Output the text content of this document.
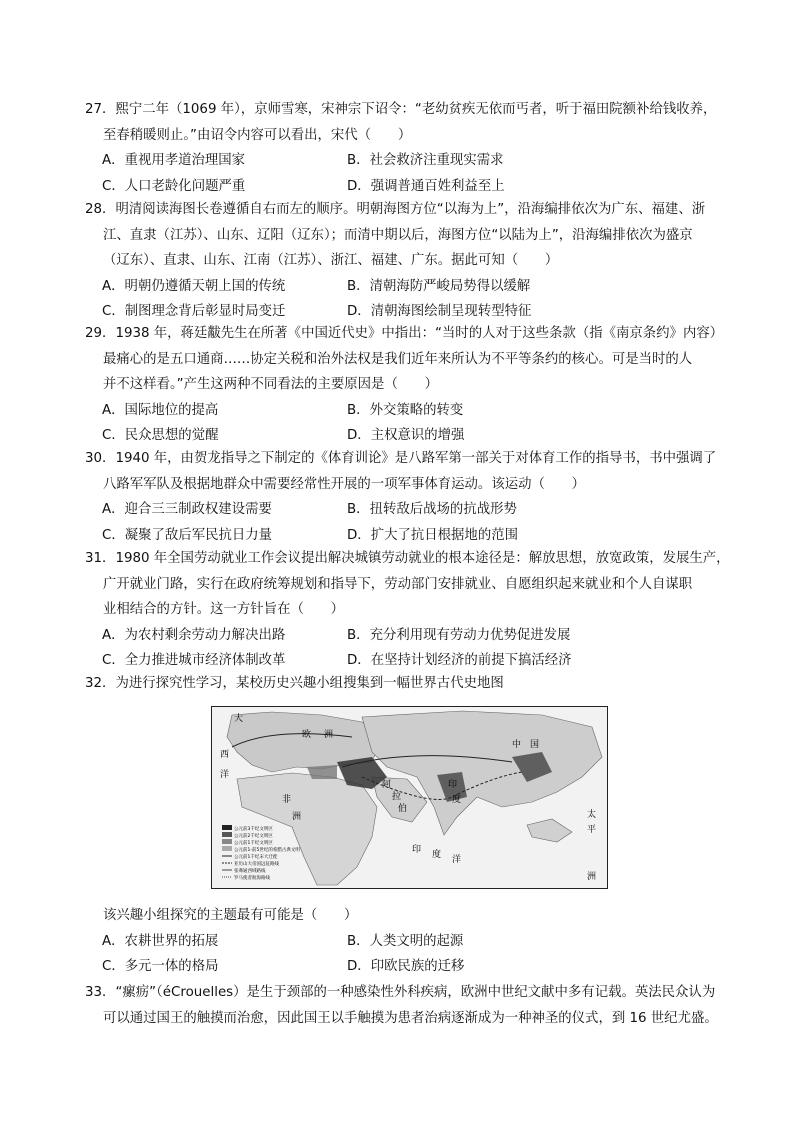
27．熙宁二年（1069 年），京师雪寒，宋神宗下诏令：“老幼贫疾无依而丐者，听于福田院额补给钱收养，
至春稍暖则止。”由诏令内容可以看出，宋代（　　）
A．重视用孝道治理国家	B．社会救济注重现实需求
C．人口老龄化问题严重	D．强调普通百姓利益至上
28．明清阅读海图长卷遵循自右而左的顺序。明朝海图方位“以海为上”，沿海编排依次为广东、福建、浙
江、直隶（江苏）、山东、辽阳（辽东）；而清中期以后，海图方位“以陆为上”，沿海编排依次为盛京
（辽东）、直隶、山东、江南（江苏）、浙江、福建、广东。据此可知（　　）
A．明朝仍遵循天朝上国的传统	B．清朝海防严峻局势得以缓解
C．制图理念背后彰显时局变迁	D．清朝海图绘制呈现转型特征
29．1938 年，蒋廷黻先生在所著《中国近代史》中指出：“当时的人对于这些条款（指《南京条约》内容）
最痛心的是五口通商……协定关税和治外法权是我们近年来所认为不平等条约的核心。可是当时的人
并不这样看。”产生这两种不同看法的主要原因是（　　）
A．国际地位的提高	B．外交策略的转变
C．民众思想的觉醒	D．主权意识的增强
30．1940 年，由贺龙指导之下制定的《体育训论》是八路军第一部关于对体育工作的指导书，书中强调了
八路军军队及根据地群众中需要经常性开展的一项军事体育运动。该运动（　　）
A．迎合三三制政权建设需要	B．扭转敌后战场的抗战形势
C．凝聚了敌后军民抗日力量	D．扩大了抗日根据地的范围
31．1980 年全国劳动就业工作会议提出解决城镇劳动就业的根本途径是：解放思想，放宽政策，发展生产，
广开就业门路，实行在政府统筹规划和指导下，劳动部门安排就业、自愿组织起来就业和个人自谋职
业相结合的方针。这一方针旨在（　　）
A．为农村剩余劳动力解决出路	B．充分利用现有劳动力优势促进发展
C．全力推进城市经济体制改革	D．在坚持计划经济的前提下搞活经济
32．为进行探究性学习，某校历史兴趣小组搜集到一幅世界古代史地图
大
西
洋
欧 洲
非
洲
中 国
阿
拉
伯
印
度
太
印 度 洋
平
洲
公元前3千纪文明区
公元前2千纪文明区
公元前1千纪文明区
公元前1-前5世纪的希腊古典文明
公元前1千纪末大迁徙
亚历山大帝国远征路线
张骞通西域路线
罗马使者航海路线
该兴趣小组探究的主题最有可能是（　　）
A．农耕世界的拓展	B．人类文明的起源
C．多元一体的格局	D．印欧民族的迁移
33．“瘰疬”（éCrouelles）是生于颈部的一种感染性外科疾病，欧洲中世纪文献中多有记载。英法民众认为
可以通过国王的触摸而治愈，因此国王以手触摸为患者治病逐渐成为一种神圣的仪式，到 16 世纪尤盛。
